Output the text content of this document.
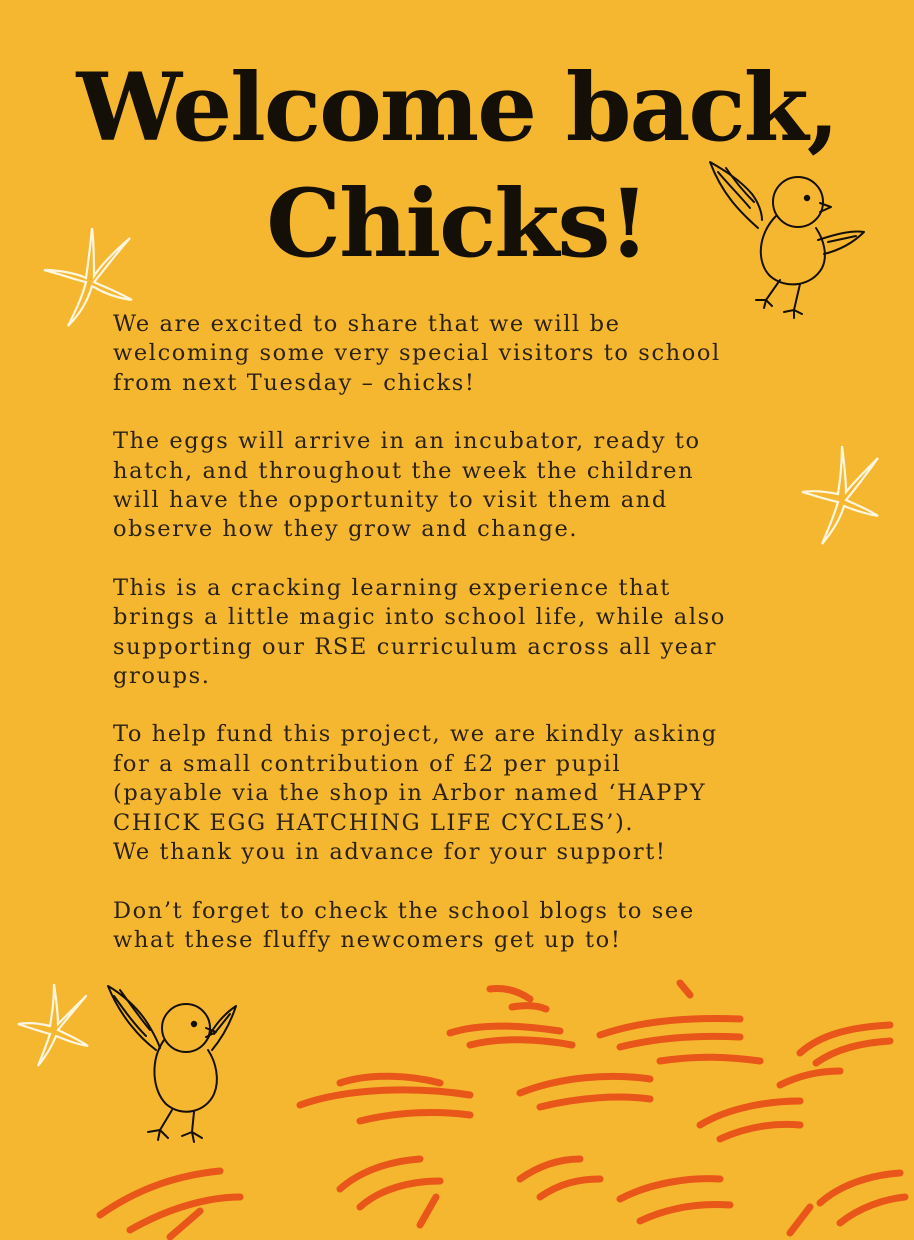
Welcome back,
Chicks!

We are excited to share that we will be
welcoming some very special visitors to school
from next Tuesday – chicks!

The eggs will arrive in an incubator, ready to
hatch, and throughout the week the children
will have the opportunity to visit them and
observe how they grow and change.

This is a cracking learning experience that
brings a little magic into school life, while also
supporting our RSE curriculum across all year
groups.

To help fund this project, we are kindly asking
for a small contribution of £2 per pupil
(payable via the shop in Arbor named ‘HAPPY
CHICK EGG HATCHING LIFE CYCLES’).
We thank you in advance for your support!

Don’t forget to check the school blogs to see
what these fluffy newcomers get up to!
